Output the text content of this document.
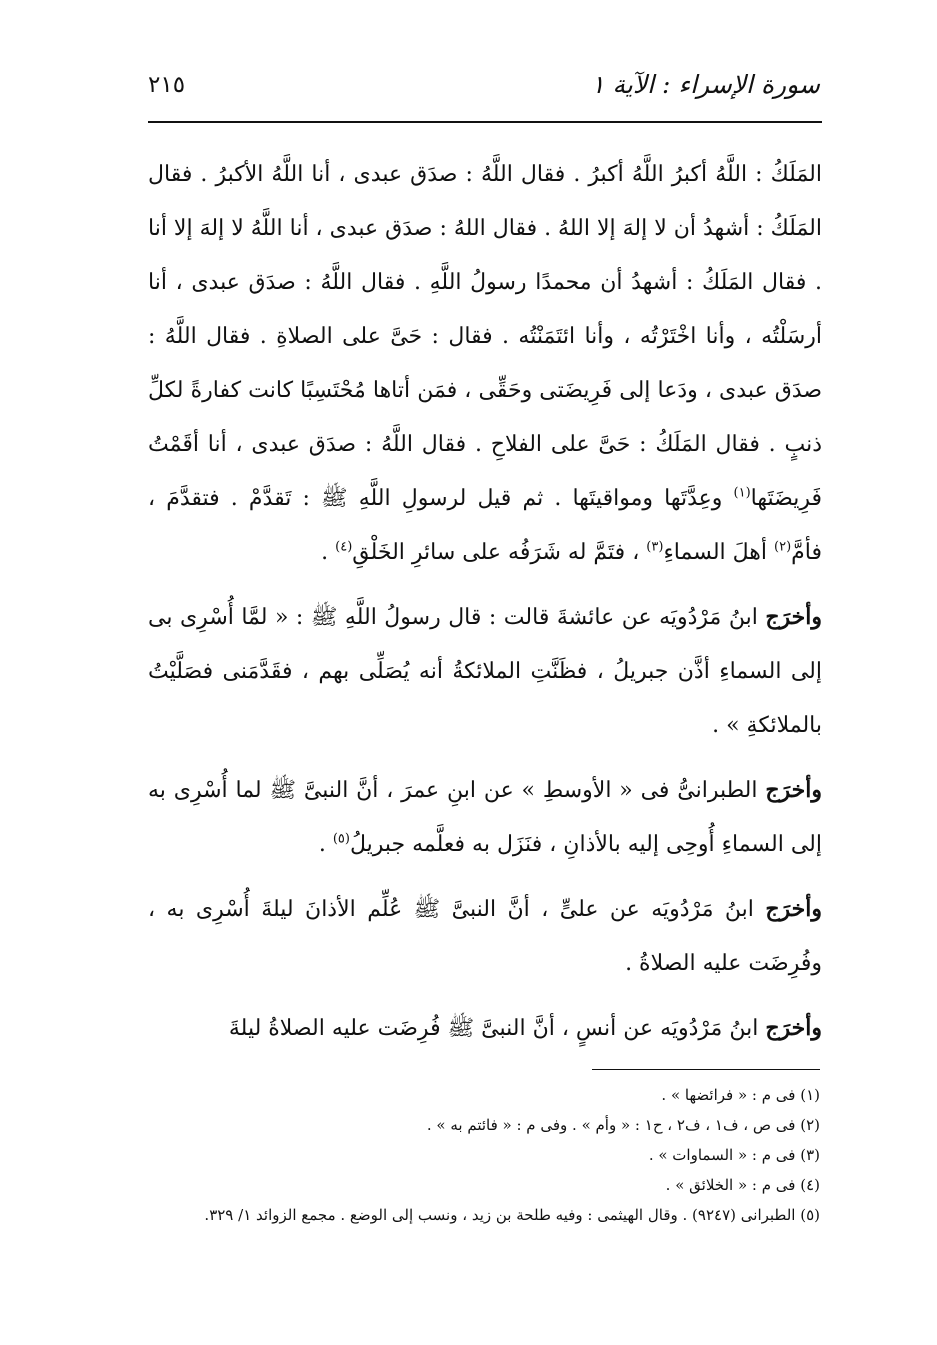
سورة الإسراء : الآية ١
٢١٥

المَلَكُ : اللَّهُ أكبرُ اللَّهُ أكبرُ . فقال اللَّهُ : صدَق عبدى ، أنا اللَّهُ الأكبرُ . فقال المَلَكُ : أشهدُ أن لا إلهَ إلا اللهُ . فقال اللهُ : صدَق عبدى ، أنا اللَّهُ لا إلهَ إلا أنا . فقال المَلَكُ : أشهدُ أن محمدًا رسولُ اللَّهِ . فقال اللَّهُ : صدَق عبدى ، أنا أرسَلْتُه ، وأنا اخْتَرْتُه ، وأنا ائتَمَنْتُه . فقال : حَىَّ على الصلاةِ . فقال اللَّهُ : صدَق عبدى ، ودَعا إلى فَرِيضَتى وحَقِّى ، فمَن أتاها مُحْتَسِبًا كانت كفارةً لكلِّ ذنبٍ . فقال المَلَكُ : حَىَّ على الفلاحِ . فقال اللَّهُ : صدَق عبدى ، أنا أقَمْتُ فَرِيضَتَها$^{(١)}$ وعِدَّتَها ومواقيتَها . ثم قيل لرسولِ اللَّهِ ﷺ : تَقدَّمْ . فتقدَّمَ ، فأمَّ$^{(٢)}$ أهلَ السماءِ$^{(٣)}$ ، فتَمَّ له شَرَفُه على سائرِ الخَلْقِ$^{(٤)}$ .

وأخرَج ابنُ مَرْدُويَه عن عائشةَ قالت : قال رسولُ اللَّهِ ﷺ : « لمَّا أُسْرِى بى إلى السماءِ أذَّن جبريلُ ، فظَنَّتِ الملائكةُ أنه يُصَلِّى بهم ، فقَدَّمَنى فصَلَّيْتُ بالملائكةِ » .

وأخرَج الطبرانىُّ فى « الأوسطِ » عن ابنِ عمرَ ، أنَّ النبىَّ ﷺ لما أُسْرِى به إلى السماءِ أُوحِى إليه بالأذانِ ، فنَزَل به فعلَّمه جبريلُ$^{(٥)}$ .

وأخرَج ابنُ مَرْدُويَه عن علىٍّ ، أنَّ النبىَّ ﷺ عُلِّم الأذانَ ليلةَ أُسْرِى به ، وفُرِضَت عليه الصلاةُ .

وأخرَج ابنُ مَرْدُويَه عن أنسٍ ، أنَّ النبىَّ ﷺ فُرِضَت عليه الصلاةُ ليلةَ

(١) فى م : « فرائضها » .

(٢) فى ص ، ف١ ، ف٢ ، ح١ : « وأم » . وفى م : « فائتم به » .

(٣) فى م : « السماوات » .

(٤) فى م : « الخلائق » .

(٥) الطبرانى (٩٢٤٧) . وقال الهيثمى : وفيه طلحة بن زيد ، ونسب إلى الوضع . مجمع الزوائد ١/ ٣٢٩.
